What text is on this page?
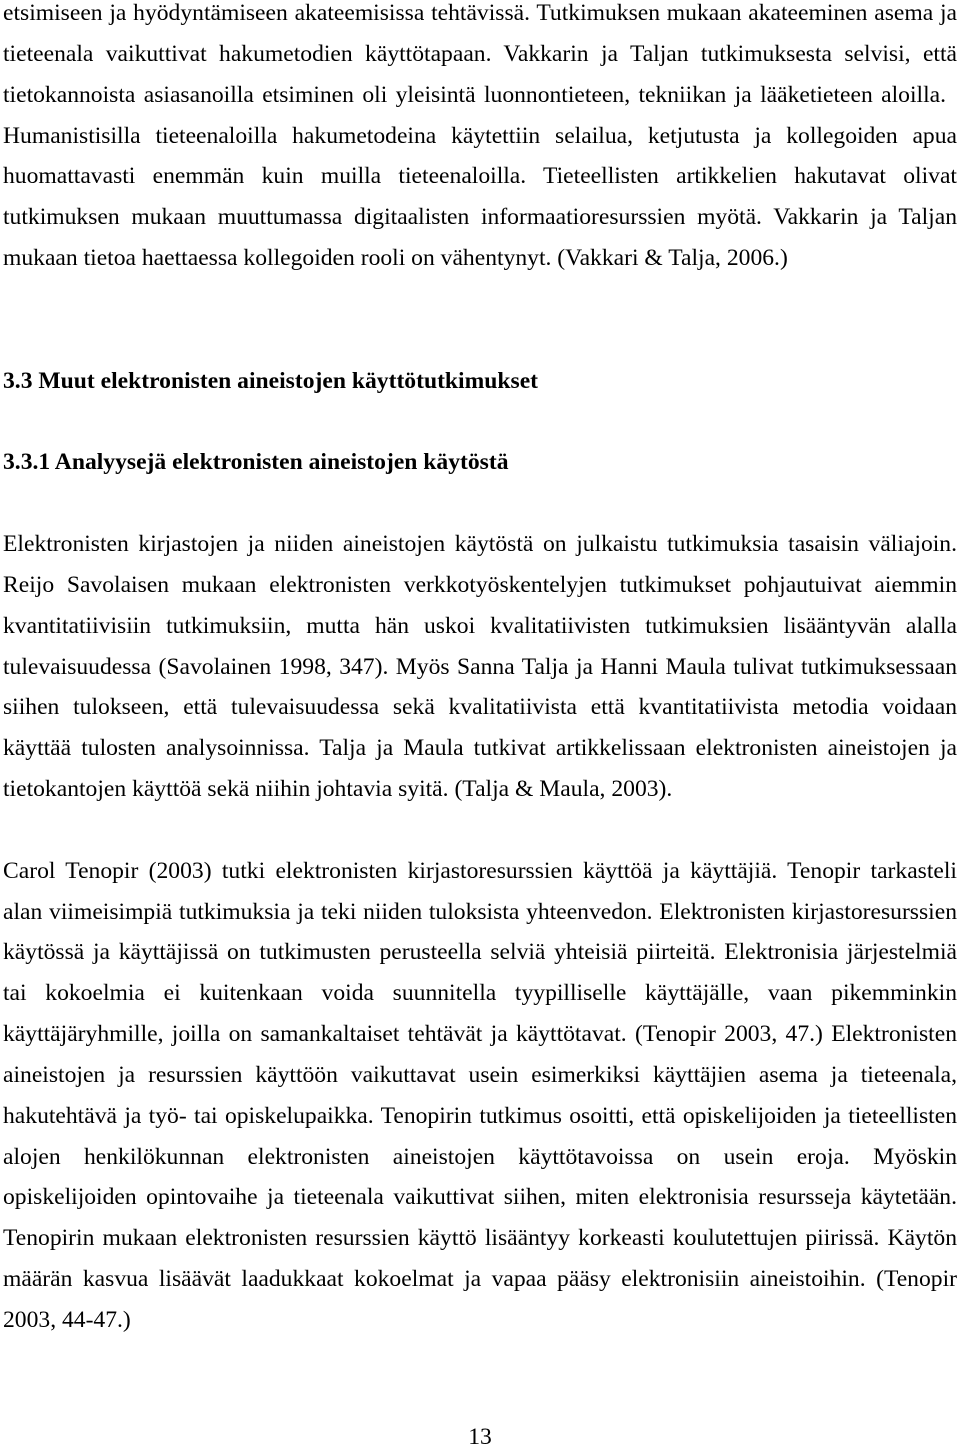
etsimiseen ja hyödyntämiseen akateemisissa tehtävissä. Tutkimuksen mukaan akateeminen asema ja
tieteenala vaikuttivat hakumetodien käyttötapaan. Vakkarin ja Taljan tutkimuksesta selvisi, että
tietokannoista asiasanoilla etsiminen oli yleisintä luonnontieteen, tekniikan ja lääketieteen aloilla.
Humanistisilla tieteenaloilla hakumetodeina käytettiin selailua, ketjutusta ja kollegoiden apua
huomattavasti enemmän kuin muilla tieteenaloilla. Tieteellisten artikkelien hakutavat olivat
tutkimuksen mukaan muuttumassa digitaalisten informaatioresurssien myötä. Vakkarin ja Taljan
mukaan tietoa haettaessa kollegoiden rooli on vähentynyt. (Vakkari & Talja, 2006.)
3.3 Muut elektronisten aineistojen käyttötutkimukset
3.3.1 Analyysejä elektronisten aineistojen käytöstä
Elektronisten kirjastojen ja niiden aineistojen käytöstä on julkaistu tutkimuksia tasaisin väliajoin.
Reijo Savolaisen mukaan elektronisten verkkotyöskentelyjen tutkimukset pohjautuivat aiemmin
kvantitatiivisiin tutkimuksiin, mutta hän uskoi kvalitatiivisten tutkimuksien lisääntyvän alalla
tulevaisuudessa (Savolainen 1998, 347). Myös Sanna Talja ja Hanni Maula tulivat tutkimuksessaan
siihen tulokseen, että tulevaisuudessa sekä kvalitatiivista että kvantitatiivista metodia voidaan
käyttää tulosten analysoinnissa. Talja ja Maula tutkivat artikkelissaan elektronisten aineistojen ja
tietokantojen käyttöä sekä niihin johtavia syitä. (Talja & Maula, 2003).
Carol Tenopir (2003) tutki elektronisten kirjastoresurssien käyttöä ja käyttäjiä. Tenopir tarkasteli
alan viimeisimpiä tutkimuksia ja teki niiden tuloksista yhteenvedon. Elektronisten kirjastoresurssien
käytössä ja käyttäjissä on tutkimusten perusteella selviä yhteisiä piirteitä. Elektronisia järjestelmiä
tai kokoelmia ei kuitenkaan voida suunnitella tyypilliselle käyttäjälle, vaan pikemminkin
käyttäjäryhmille, joilla on samankaltaiset tehtävät ja käyttötavat. (Tenopir 2003, 47.) Elektronisten
aineistojen ja resurssien käyttöön vaikuttavat usein esimerkiksi käyttäjien asema ja tieteenala,
hakutehtävä ja työ- tai opiskelupaikka. Tenopirin tutkimus osoitti, että opiskelijoiden ja tieteellisten
alojen henkilökunnan elektronisten aineistojen käyttötavoissa on usein eroja. Myöskin
opiskelijoiden opintovaihe ja tieteenala vaikuttivat siihen, miten elektronisia resursseja käytetään.
Tenopirin mukaan elektronisten resurssien käyttö lisääntyy korkeasti koulutettujen piirissä. Käytön
määrän kasvua lisäävät laadukkaat kokoelmat ja vapaa pääsy elektronisiin aineistoihin. (Tenopir
2003, 44-47.)
13
